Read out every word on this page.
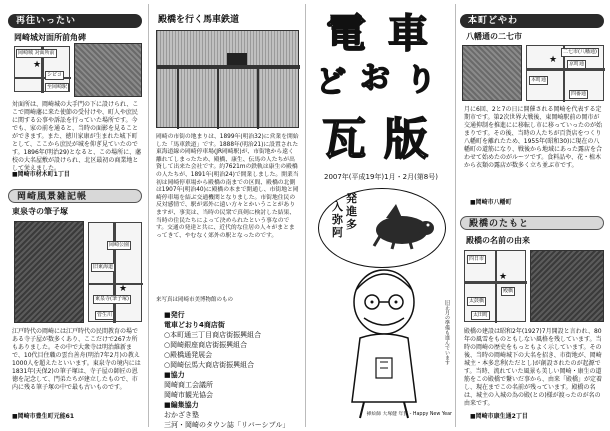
再往いったい
岡崎城対面所前角碑
★
岡崎城 対面所前
シビコ
至岡崎駅
対面所は、岡崎城の大手門の下に設けられ、ここで岡崎藩に来た使節の受付けや、町人や庶民に関する公事や訴訟を行っていた場所です。今でも、家の前を通ると、当時の面影を見ることができます。また、徳川家康が生まれた城下町として、ここから庶民が城を仰ぎ見ていたのです。1896年(明治29)となると、この場所に、藩校の大名屋敷が設けられ、北区最初の商業地として栄えました。
■岡崎市材木町1丁目
岡崎風景雑記帳
東泉寺の筆子塚
★
岡崎公園
東泉寺(筆子塚)
旧東海道
菅生川
江戸時代の岡崎には江戸時代の民間教育の場である寺子屋が数多くあり、ここだけで267カ所もありました。その中で大衆寺は明治維新まで、10代目住職の雲台善舟(明治7年2月)の教え1000人を超えたといいます。東泉寺の境内には1831年(天保2)の筆子塚は、寺子屋の師匠の恩徳を記念して、門弟たちが建立したもので、市内に残る筆子塚の中で最も古いものです。
■岡崎市豊生町元能61
殿橋を行く馬車鉄道
岡崎の市街の地まりは、1899年(明治32)に営業を開始した「馬車鉄道」です。1888年(明治21)に設置された東海道線の岡崎停車場(JR岡崎駅)が、市街地から遠く離れてしまったため、殿橋、康生、伝馬の人たちが出資して出来た会社です。約7621mの鉄軌は康生の殿橋の人たちが、1891年(明治24)で開業しました。開業当初は岡崎停車場から殿橋の南までの区間、殿橋の北側は1907年(明治40)に殿橋の本まで開通し、市街地と岡崎停車場を結ぶ交通機関となりました。市街地住民の反対感情で、駅が郊外に遠い方々とかいうことがありますが、事実は、当時の民衆で真剣に検討した結果、当時の住民たちによって決められたという事なのです。交通の発達と共に、近代的な住居の人々がまとまってきて、やむなく郊外の駅となったのです。
来写真は岡崎市美博物館のもの
■発行
電車どおり4商店街
○本町通三丁目商店街振興組合
○岡崎銀座商店街振興組合
○殿橋通発展会
○岡崎伝馬大商店街振興組合
■協力
岡崎商工会議所
岡崎市観光協会
■編集協力
おかざき塾
三河・岡崎のタウン誌「リバーシブル」
電 車
ど お り
瓦 版
2007年(平成19年)1月・2月(第8号)
入
弥
阿
発
進
多
旧正月の準備も進んでいます
挿絵師 大塚健 年賀 - Happy New Year
本町どやわ
八幡通の二七市
★
二七市(八幡通)
京町通
本町通
四番通
月に6回、2と7の日に開催される岡崎を代表する定期市です。第2次世界大戦後、東岡崎駅前の岡市が交通抑制を推進にに移転し市に移っていったのが始まりです。その後、当時の人たちが百貨店をつくり八幡町を離れたため、1955年(昭和30)に現在の八幡町の道筋になり、戦後から地域にあった露店を合わせて始めたのがルーツです。食料品や、花・植木から衣類の露店が数多く立ち並ぶ市です。
■岡崎市八幡町
殿橋のたもと
殿橋の名前の由来
★
四日市
殿橋
太鼓橋
太田町
殿橋の建設は昭和2年(1927)7月開設と言われ、80年の風雪をものともしない風格を残しています。当時の岡崎の歴史をもっともよく示しています。その後、当時の岡崎城下の大名を招き、市街地が、岡崎城主・本多忠利(ただとし)が創設されたのが起源です。当時、流れていた風景も美しい岡崎・康生の道筋をこの殿橋で繋いだ事から、由来「殿橋」が定着し、現在までこの名前が残っています。殿橋の名は、城主の入城の為の殿(との)様が渡ったのが名の由来です。
■岡崎市康生通2丁目
